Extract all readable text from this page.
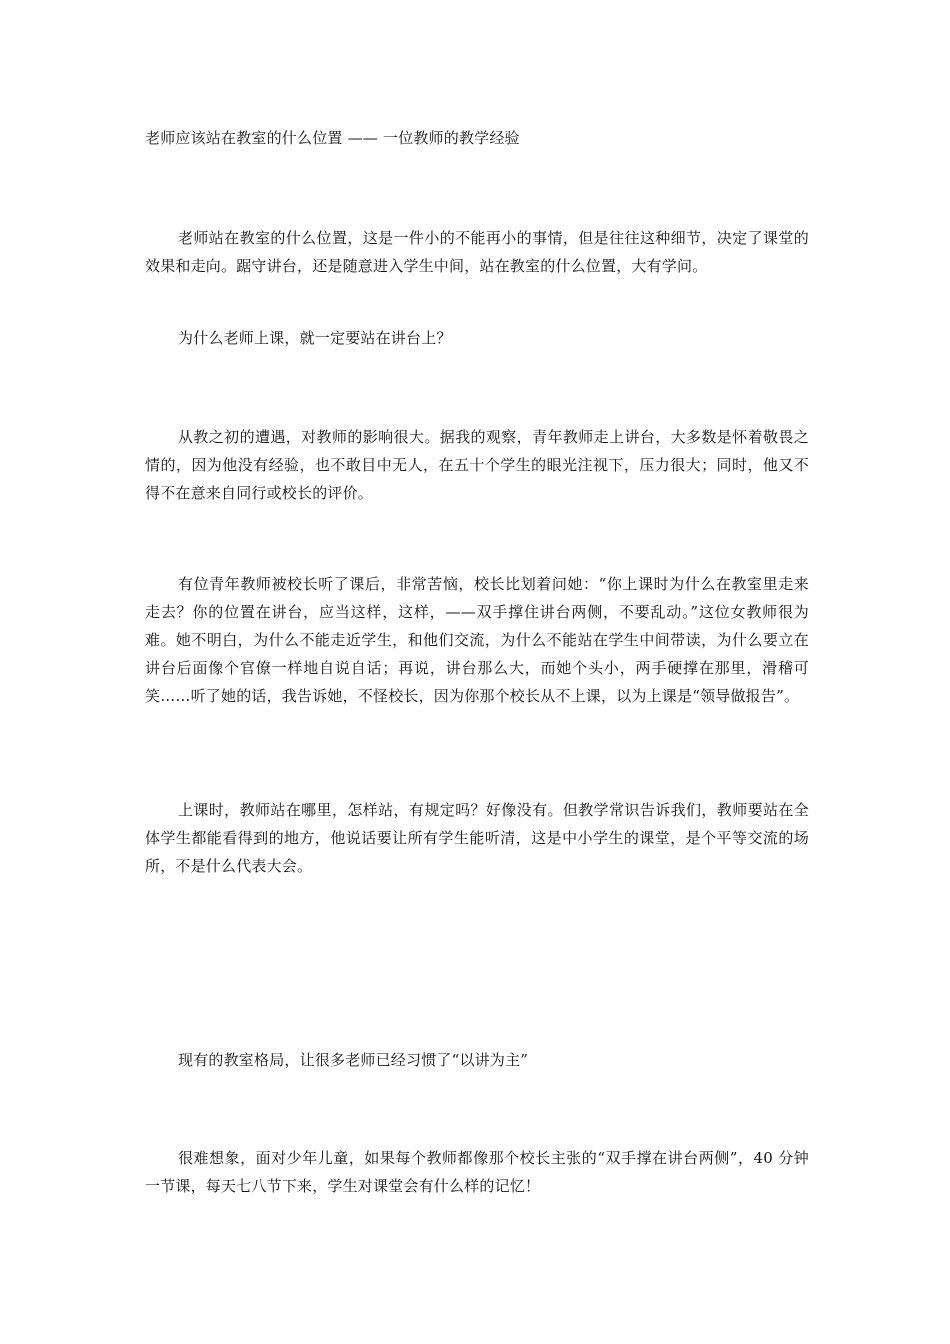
老师应该站在教室的什么位置 —— 一位教师的教学经验

老师站在教室的什么位置，这是一件小的不能再小的事情，但是往往这种细节，决定了课堂的效果和走向。踞守讲台，还是随意进入学生中间，站在教室的什么位置，大有学问。

为什么老师上课，就一定要站在讲台上？

从教之初的遭遇，对教师的影响很大。据我的观察，青年教师走上讲台，大多数是怀着敬畏之情的，因为他没有经验，也不敢目中无人，在五十个学生的眼光注视下，压力很大；同时，他又不得不在意来自同行或校长的评价。

有位青年教师被校长听了课后，非常苦恼，校长比划着问她：“你上课时为什么在教室里走来走去？你的位置在讲台，应当这样，这样，——双手撑住讲台两侧，不要乱动。”这位女教师很为难。她不明白，为什么不能走近学生，和他们交流，为什么不能站在学生中间带读，为什么要立在讲台后面像个官僚一样地自说自话；再说，讲台那么大，而她个头小，两手硬撑在那里，滑稽可笑……听了她的话，我告诉她，不怪校长，因为你那个校长从不上课，以为上课是“领导做报告”。

上课时，教师站在哪里，怎样站，有规定吗？好像没有。但教学常识告诉我们，教师要站在全体学生都能看得到的地方，他说话要让所有学生能听清，这是中小学生的课堂，是个平等交流的场所，不是什么代表大会。

现有的教室格局，让很多老师已经习惯了“以讲为主”

很难想象，面对少年儿童，如果每个教师都像那个校长主张的“双手撑在讲台两侧”，40 分钟一节课，每天七八节下来，学生对课堂会有什么样的记忆！
